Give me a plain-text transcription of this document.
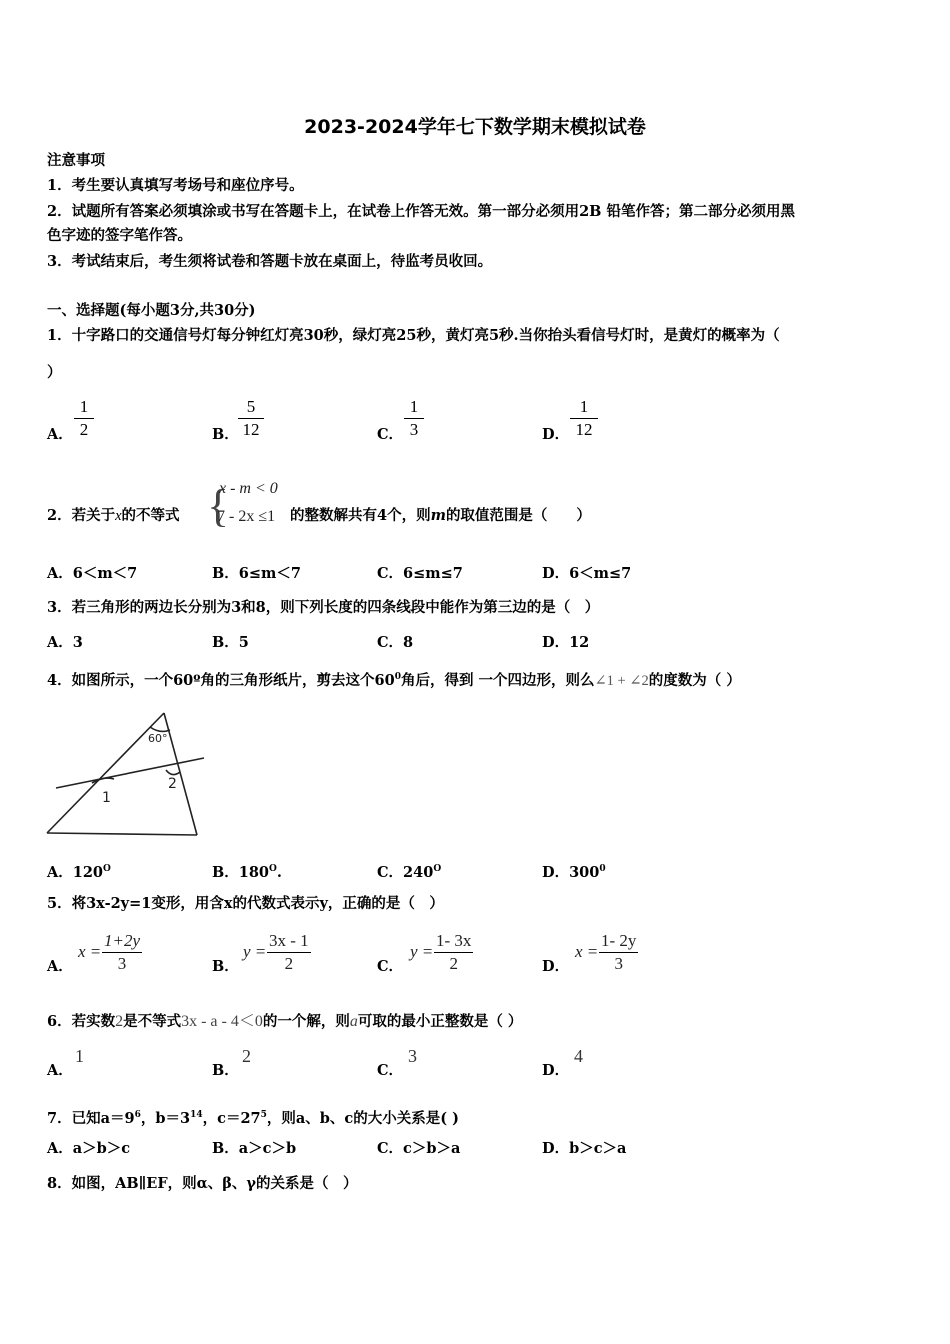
2023-2024学年七下数学期末模拟试卷
注意事项
1．考生要认真填写考场号和座位序号。
2．试题所有答案必须填涂或书写在答题卡上，在试卷上作答无效。第一部分必须用2B 铅笔作答；第二部分必须用黑
色字迹的签字笔作答。
3．考试结束后，考生须将试卷和答题卡放在桌面上，待监考员收回。
一、选择题(每小题3分,共30分)
1．十字路口的交通信号灯每分钟红灯亮30秒，绿灯亮25秒，黄灯亮5秒.当你抬头看信号灯时，是黄灯的概率为（
）
A． $\frac{1}{2}$	B． $\frac{5}{12}$	C． $\frac{1}{3}$	D． $\frac{1}{12}$
2．若关于x的不等式 {
x - m < 0
7 - 2x ≤1 的整数解共有4个，则m的取值范围是（　　）
A．6＜m＜7	B．6≤m＜7	C．6≤m≤7	D．6＜m≤7
3．若三角形的两边长分别为3和8，则下列长度的四条线段中能作为第三边的是（　）
A．3	B．5	C．8	D．12
4．如图所示，一个60º角的三角形纸片，剪去这个$60^0$角后，得到 一个四边形，则么∠1 + ∠2的度数为（ ）
60°
1
2
A．$120^O$	B．$180^O$.	C．$240^O$	D．$300^0$
5．将3x-2y=1变形，用含x的代数式表示y，正确的是（　）
A．
$x = \frac{1+2y}{3}$	B．
$y = \frac{3x - 1}{2}$	C．
$y = \frac{1- 3x}{2}$	D．
$x = \frac{1- 2y}{3}$
6．若实数2是不等式3x - a - 4＜0的一个解，则a可取的最小正整数是（ ）
A．
1
B．
2
C．
3
D．
4
7．已知$a=9^6$，$b=3^{14}$，$c=27^5$，则a、b、c的大小关系是( )
A．a＞b＞c	B．a＞c＞b	C．c＞b＞a	D．b＞c＞a
8．如图，AB∥EF，则α、β、γ的关系是（　）
